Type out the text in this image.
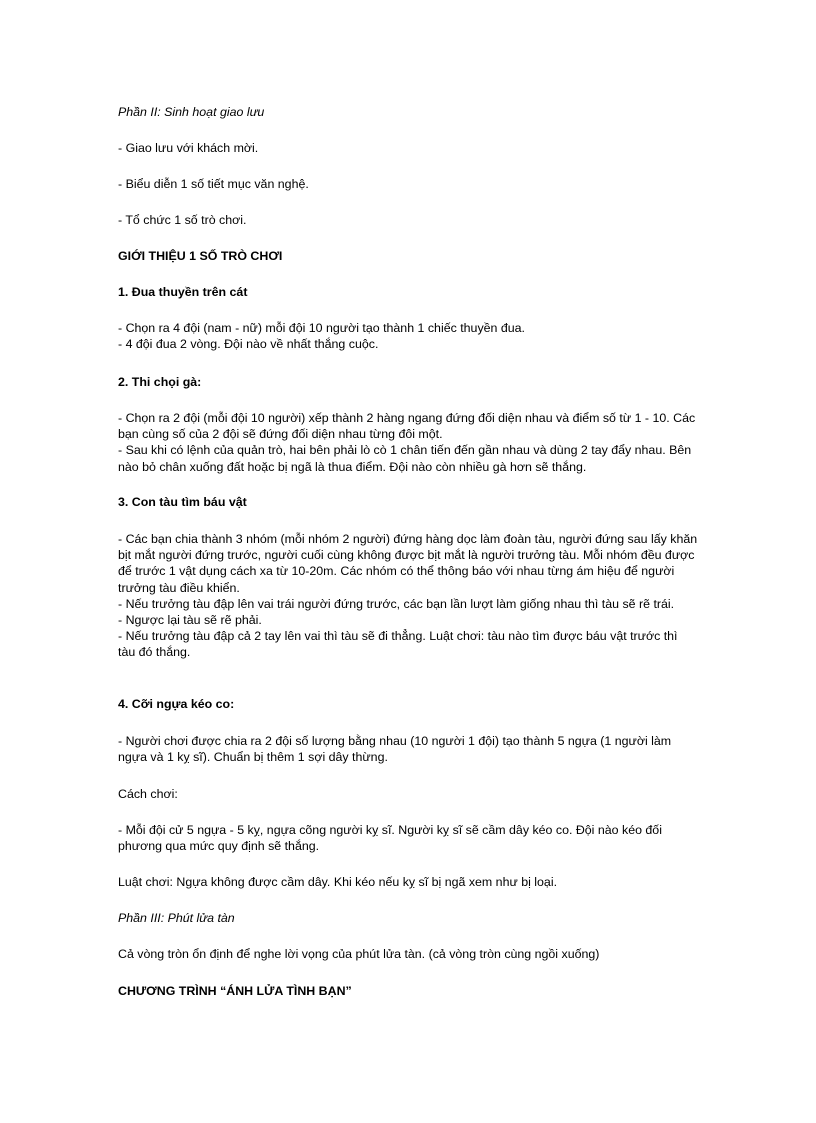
Phần II: Sinh hoạt giao lưu

- Giao lưu với khách mời.

- Biểu diễn 1 số tiết mục văn nghệ.

- Tổ chức 1 số trò chơi.

GIỚI THIỆU 1 SỐ TRÒ CHƠI

1. Đua thuyền trên cát

- Chọn ra 4 đội (nam - nữ) mỗi đội 10 người tạo thành 1 chiếc thuyền đua.

- 4 đội đua 2 vòng. Đội nào về nhất thắng cuộc.

2. Thi chọi gà:

- Chọn ra 2 đội (mỗi đội 10 người) xếp thành 2 hàng ngang đứng đối diện nhau và điểm số từ 1 - 10. Các bạn cùng số của 2 đội sẽ đứng đối diện nhau từng đôi một.

- Sau khi có lệnh của quản trò, hai bên phải lò cò 1 chân tiến đến gần nhau và dùng 2 tay đẩy nhau. Bên nào bỏ chân xuống đất hoặc bị ngã là thua điểm. Đội nào còn nhiều gà hơn sẽ thắng.

3. Con tàu tìm báu vật

- Các bạn chia thành 3 nhóm (mỗi nhóm 2 người) đứng hàng dọc làm đoàn tàu, người đứng sau lấy khăn bịt mắt người đứng trước, người cuối cùng không được bịt mắt là người trưởng tàu. Mỗi nhóm đều được để trước 1 vật dụng cách xa từ 10-20m. Các nhóm có thể thông báo với nhau từng ám hiệu để người trưởng tàu điều khiển.

- Nếu trưởng tàu đập lên vai trái người đứng trước, các bạn lần lượt làm giống nhau thì tàu sẽ rẽ trái.

- Ngược lại tàu sẽ rẽ phải.

- Nếu trưởng tàu đập cả 2 tay lên vai thì tàu sẽ đi thẳng. Luật chơi: tàu nào tìm được báu vật trước thì tàu đó thắng.

4. Cỡi ngựa kéo co:

- Người chơi được chia ra 2 đội số lượng bằng nhau (10 người 1 đội) tạo thành 5 ngựa (1 người làm ngựa và 1 kỵ sĩ). Chuẩn bị thêm 1 sợi dây thừng.

Cách chơi:

- Mỗi đội cử 5 ngựa - 5 kỵ, ngựa cõng người kỵ sĩ. Người kỵ sĩ sẽ cầm dây kéo co. Đội nào kéo đối phương qua mức quy định sẽ thắng.

Luật chơi: Ngựa không được cầm dây. Khi kéo nếu kỵ sĩ bị ngã xem như bị loại.

Phần III: Phút lửa tàn

Cả vòng tròn ổn định để nghe lời vọng của phút lửa tàn. (cả vòng tròn cùng ngồi xuống)

CHƯƠNG TRÌNH “ÁNH LỬA TÌNH BẠN”
